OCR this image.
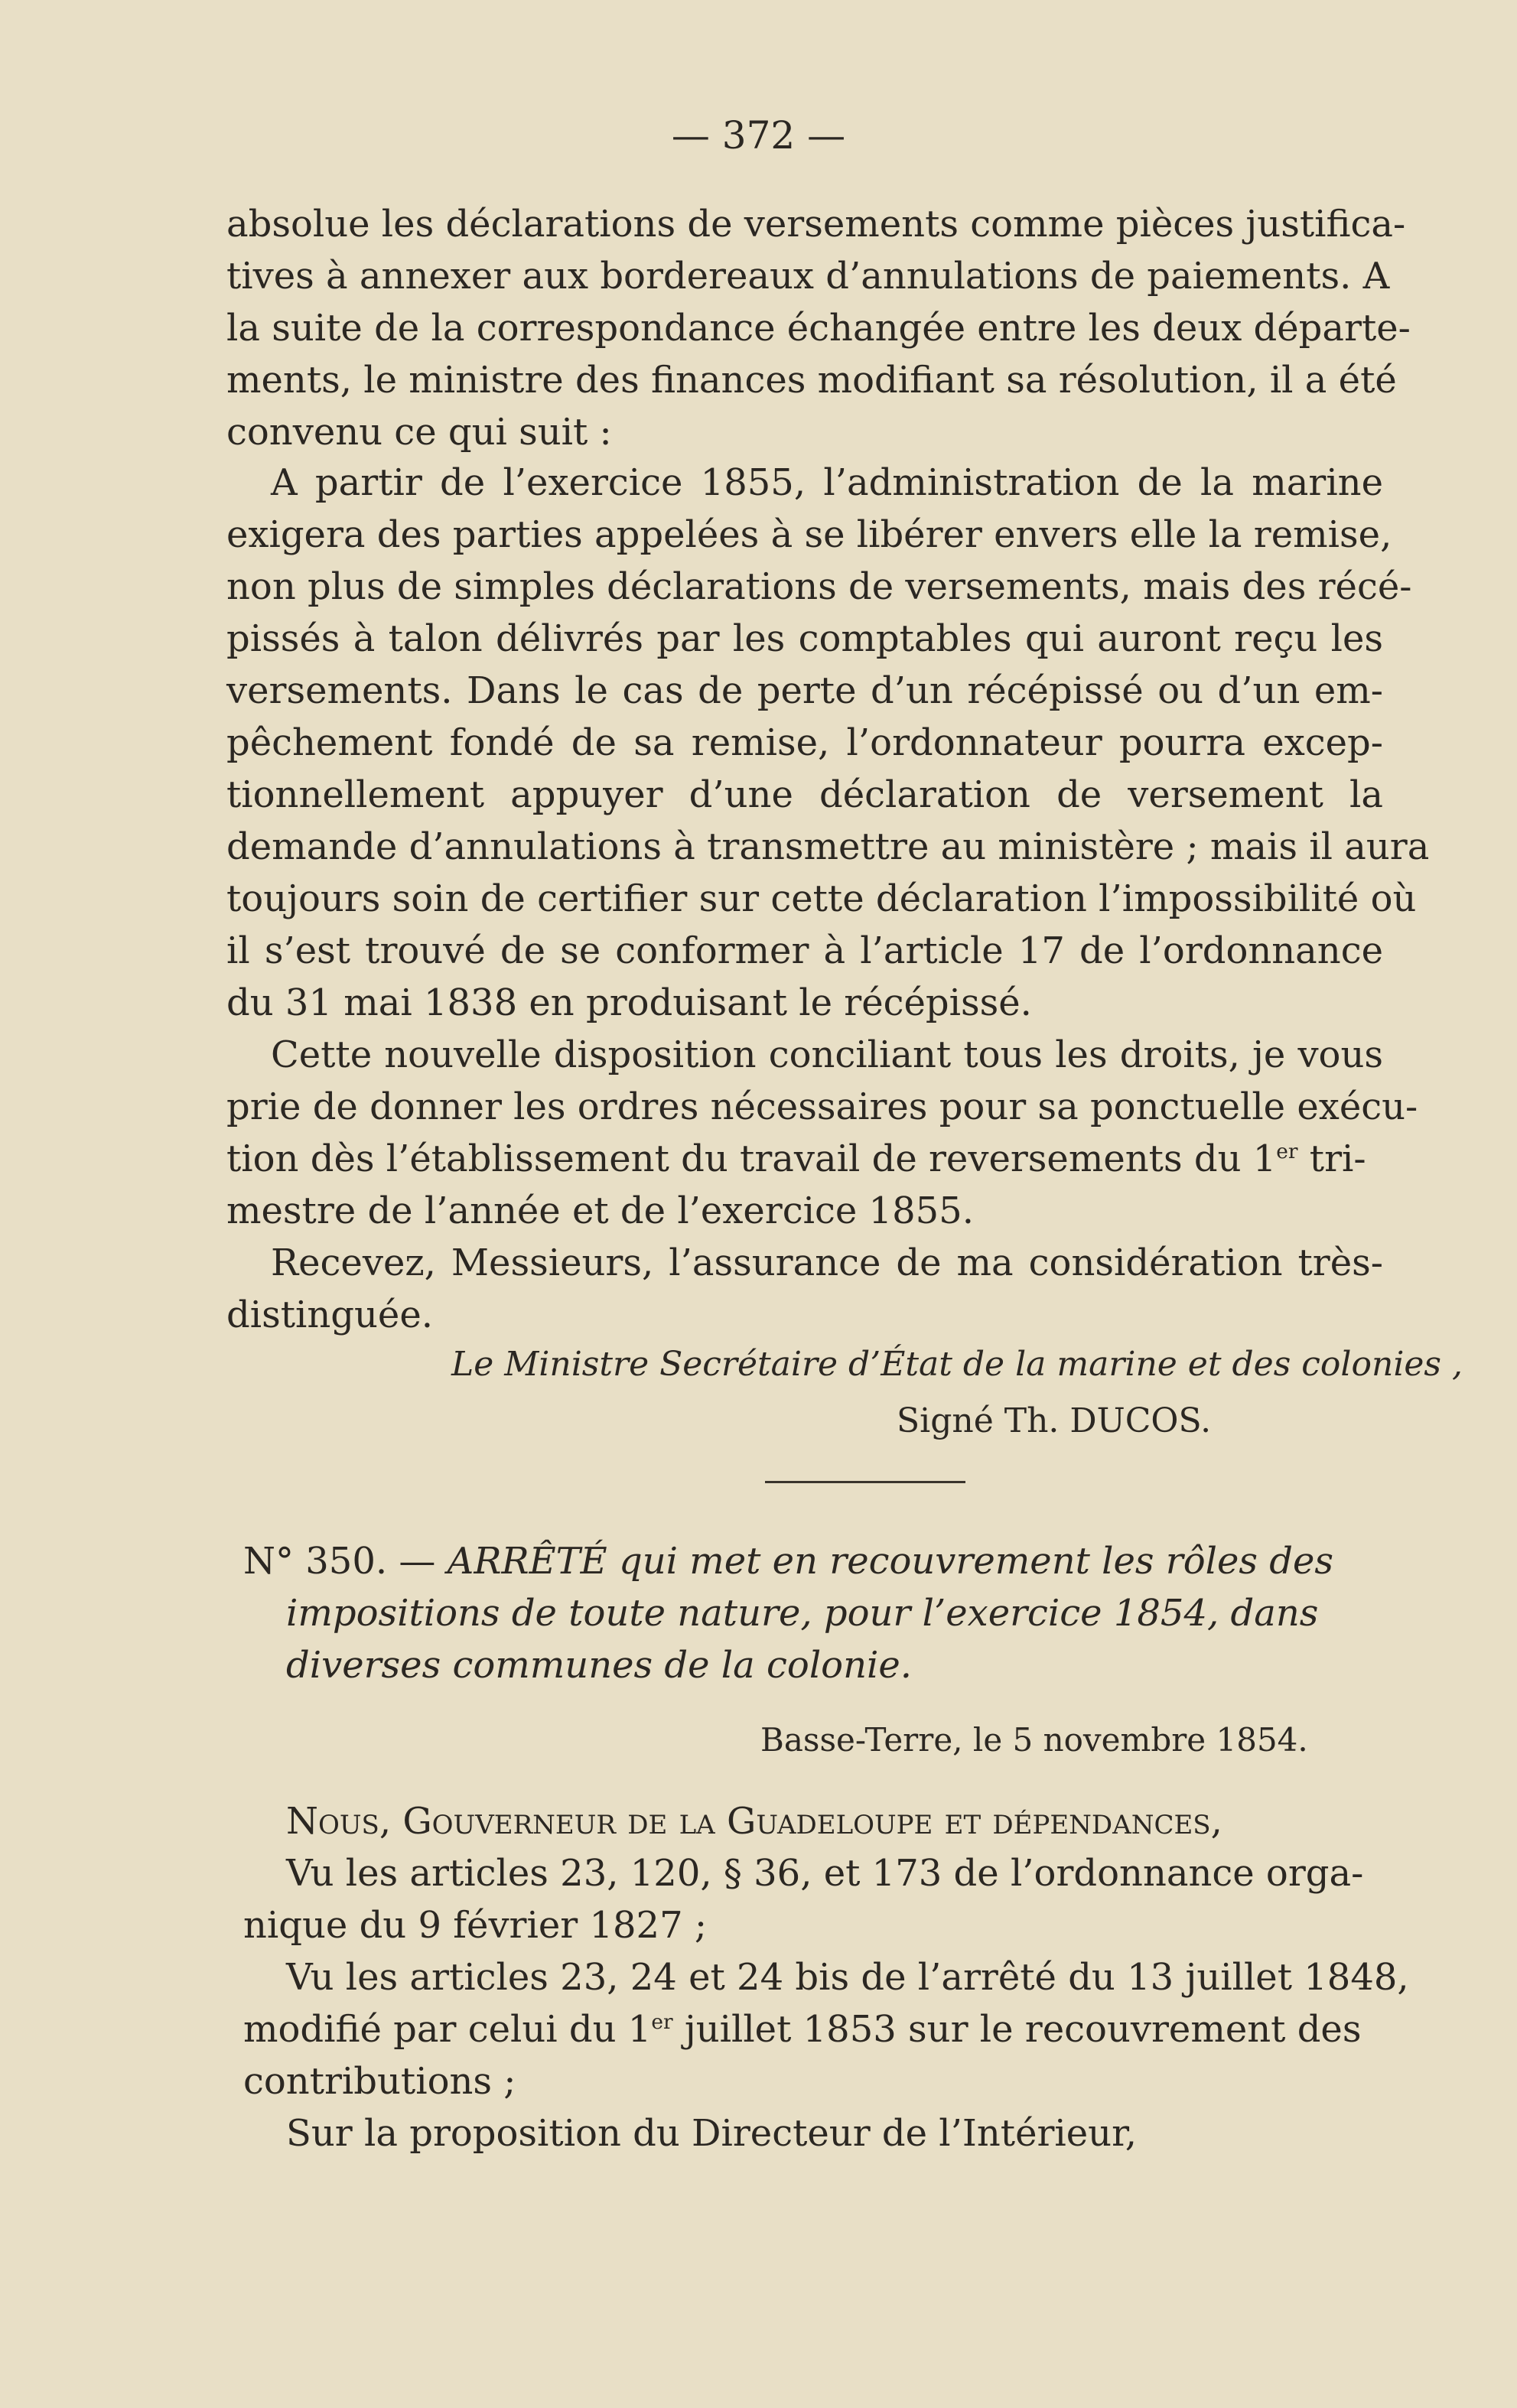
— 372 —
absolue les déclarations de versements comme pièces justifica-
tives à annexer aux bordereaux d’annulations de paiements. A
la suite de la correspondance échangée entre les deux départe-
ments, le ministre des finances modifiant sa résolution, il a été
convenu ce qui suit :
A partir de l’exercice 1855, l’administration de la marine
exigera des parties appelées à se libérer envers elle la remise,
non plus de simples déclarations de versements, mais des récé-
pissés à talon délivrés par les comptables qui auront reçu les
versements. Dans le cas de perte d’un récépissé ou d’un em-
pêchement fondé de sa remise, l’ordonnateur pourra excep-
tionnellement appuyer d’une déclaration de versement la
demande d’annulations à transmettre au ministère ; mais il aura
toujours soin de certifier sur cette déclaration l’impossibilité où
il s’est trouvé de se conformer à l’article 17 de l’ordonnance
du 31 mai 1838 en produisant le récépissé.
Cette nouvelle disposition conciliant tous les droits, je vous
prie de donner les ordres nécessaires pour sa ponctuelle exécu-
tion dès l’établissement du travail de reversements du 1er tri-
mestre de l’année et de l’exercice 1855.
Recevez, Messieurs, l’assurance de ma considération très-
distinguée.
Le Ministre Secrétaire d’État de la marine et des colonies ,
Signé Th. DUCOS.
N° 350. — ARRÊTÉ qui met en recouvrement les rôles des
impositions de toute nature, pour l’exercice 1854, dans
diverses communes de la colonie.
Basse-Terre, le 5 novembre 1854.
Nous, Gouverneur de la Guadeloupe et dépendances,
Vu les articles 23, 120, § 36, et 173 de l’ordonnance orga-
nique du 9 février 1827 ;
Vu les articles 23, 24 et 24 bis de l’arrêté du 13 juillet 1848,
modifié par celui du 1er juillet 1853 sur le recouvrement des
contributions ;
Sur la proposition du Directeur de l’Intérieur,
